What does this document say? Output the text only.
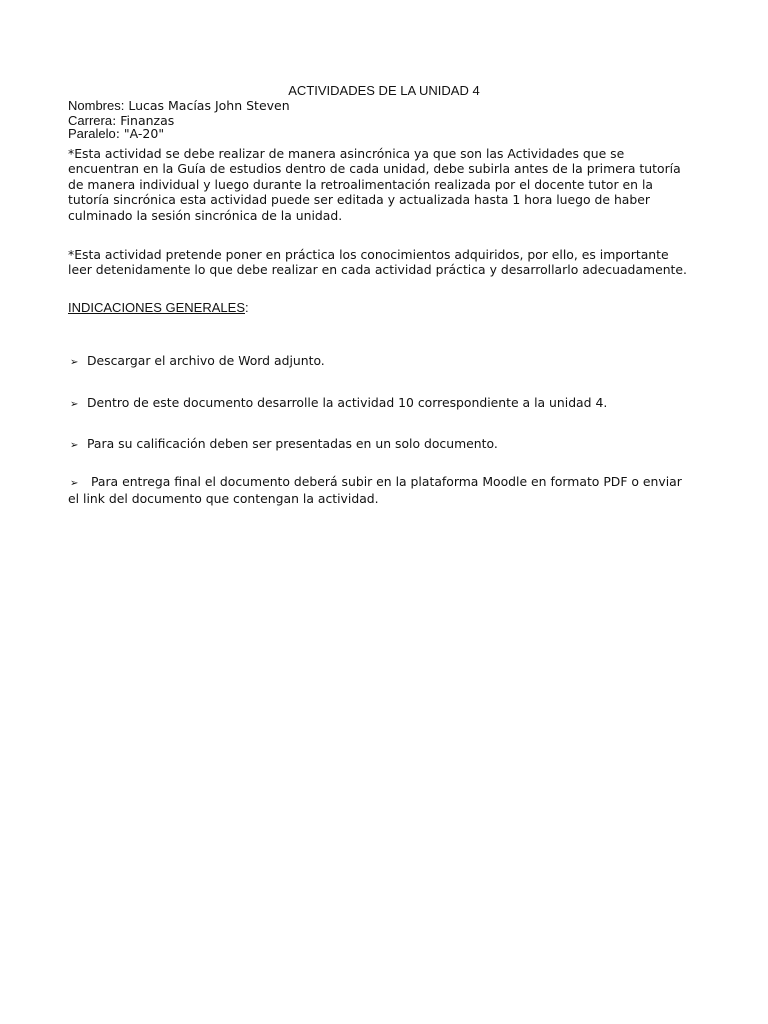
ACTIVIDADES DE LA UNIDAD 4
Nombres: Lucas Macías John Steven
Carrera: Finanzas
Paralelo: "A-20"
*Esta actividad se debe realizar de manera asincrónica ya que son las Actividades que se
encuentran en la Guía de estudios dentro de cada unidad, debe subirla antes de la primera tutoría
de manera individual y luego durante la retroalimentación realizada por el docente tutor en la
tutoría sincrónica esta actividad puede ser editada y actualizada hasta 1 hora luego de haber
culminado la sesión sincrónica de la unidad.
*Esta actividad pretende poner en práctica los conocimientos adquiridos, por ello, es importante
leer detenidamente lo que debe realizar en cada actividad práctica y desarrollarlo adecuadamente.
INDICACIONES GENERALES:
➢ Descargar el archivo de Word adjunto.
➢ Dentro de este documento desarrolle la actividad 10 correspondiente a la unidad 4.
➢ Para su calificación deben ser presentadas en un solo documento.
➢ Para entrega final el documento deberá subir en la plataforma Moodle en formato PDF o enviar
el link del documento que contengan la actividad.
